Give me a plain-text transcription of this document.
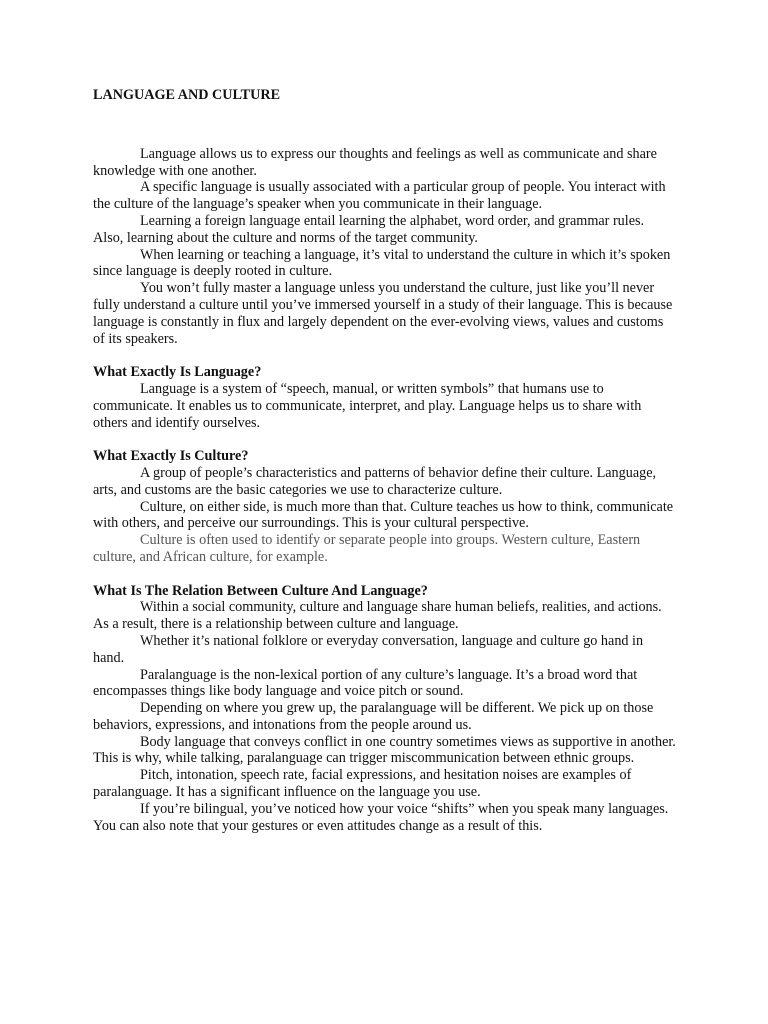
LANGUAGE AND CULTURE

Language allows us to express our thoughts and feelings as well as communicate and share knowledge with one another.

A specific language is usually associated with a particular group of people. You interact with the culture of the language’s speaker when you communicate in their language.

Learning a foreign language entail learning the alphabet, word order, and grammar rules. Also, learning about the culture and norms of the target community.

When learning or teaching a language, it’s vital to understand the culture in which it’s spoken since language is deeply rooted in culture.

You won’t fully master a language unless you understand the culture, just like you’ll never fully understand a culture until you’ve immersed yourself in a study of their language. This is because language is constantly in flux and largely dependent on the ever-evolving views, values and customs of its speakers.

What Exactly Is Language?

Language is a system of “speech, manual, or written symbols” that humans use to communicate. It enables us to communicate, interpret, and play. Language helps us to share with others and identify ourselves.

What Exactly Is Culture?

A group of people’s characteristics and patterns of behavior define their culture. Language, arts, and customs are the basic categories we use to characterize culture.

Culture, on either side, is much more than that. Culture teaches us how to think, communicate with others, and perceive our surroundings. This is your cultural perspective.

Culture is often used to identify or separate people into groups. Western culture, Eastern culture, and African culture, for example.

What Is The Relation Between Culture And Language?

Within a social community, culture and language share human beliefs, realities, and actions. As a result, there is a relationship between culture and language.

Whether it’s national folklore or everyday conversation, language and culture go hand in hand.

Paralanguage is the non-lexical portion of any culture’s language. It’s a broad word that encompasses things like body language and voice pitch or sound.

Depending on where you grew up, the paralanguage will be different. We pick up on those behaviors, expressions, and intonations from the people around us.

Body language that conveys conflict in one country sometimes views as supportive in another. This is why, while talking, paralanguage can trigger miscommunication between ethnic groups.

Pitch, intonation, speech rate, facial expressions, and hesitation noises are examples of paralanguage. It has a significant influence on the language you use.

If you’re bilingual, you’ve noticed how your voice “shifts” when you speak many languages. You can also note that your gestures or even attitudes change as a result of this.
